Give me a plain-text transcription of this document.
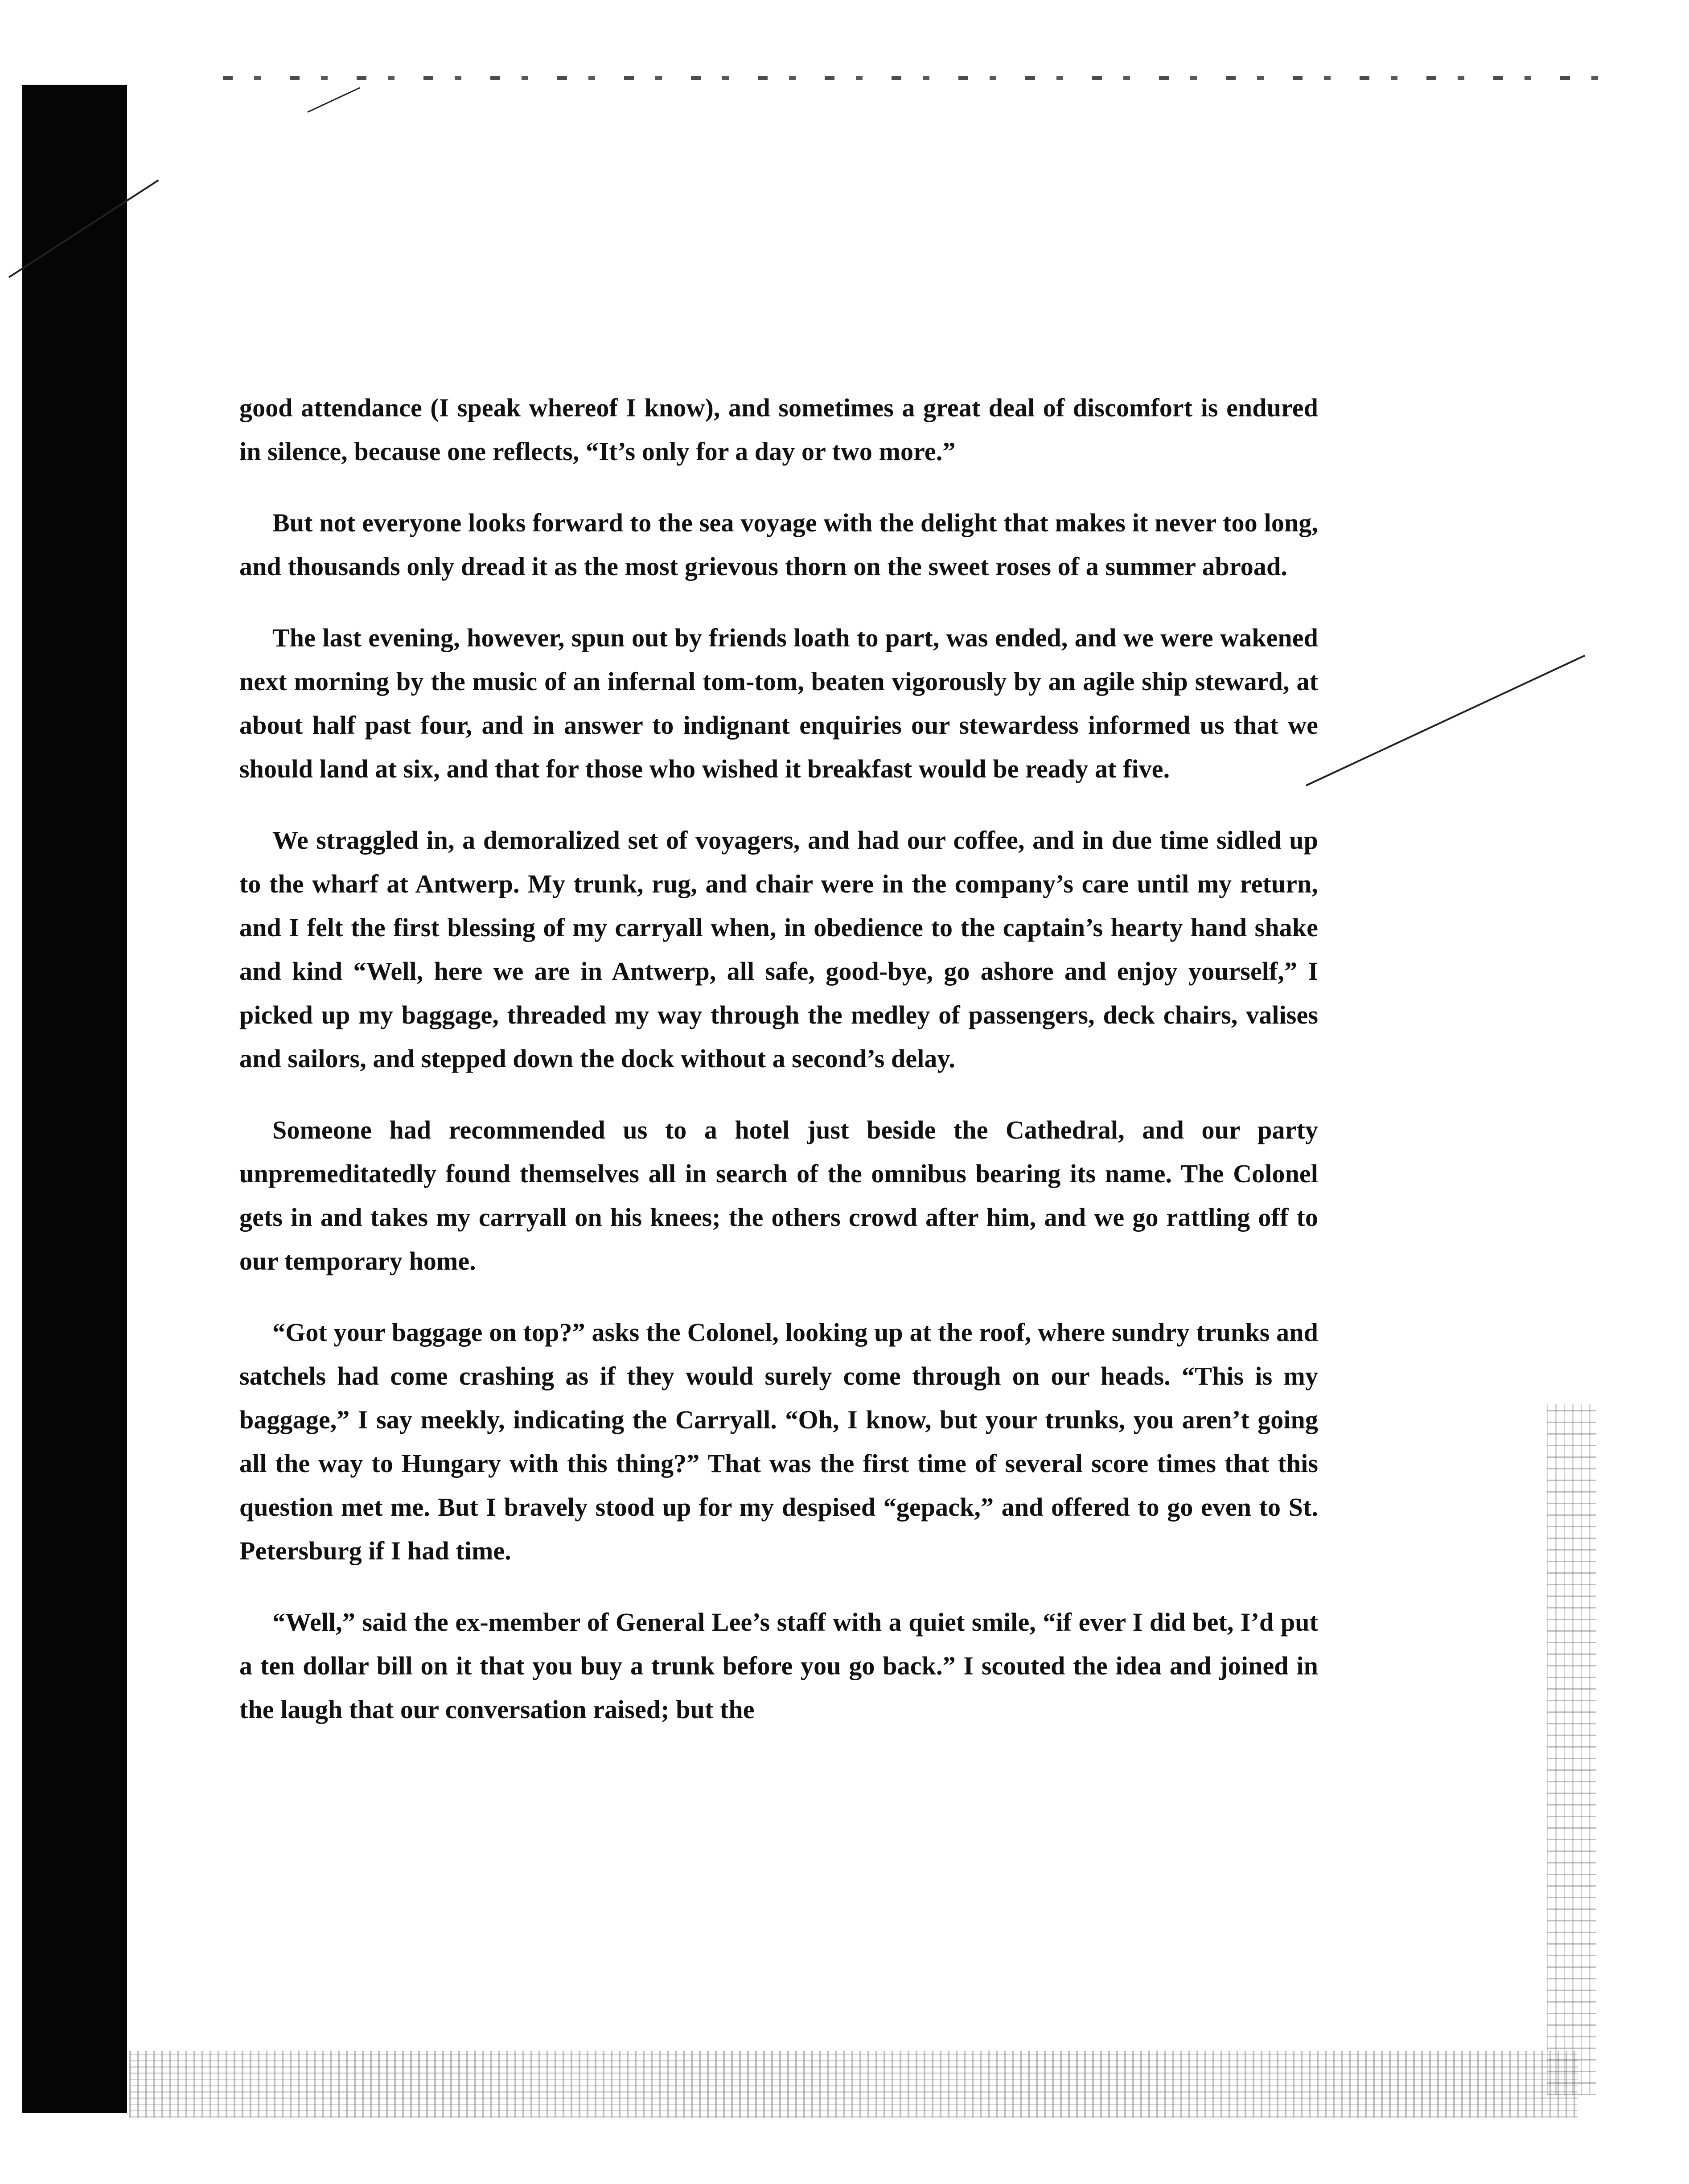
good attendance (I speak whereof I know), and sometimes a great deal of discomfort is endured in silence, because one reflects, “It’s only for a day or two more.”

But not everyone looks forward to the sea voyage with the delight that makes it never too long, and thousands only dread it as the most grievous thorn on the sweet roses of a summer abroad.

The last evening, however, spun out by friends loath to part, was ended, and we were wakened next morning by the music of an infernal tom-tom, beaten vigorously by an agile ship steward, at about half past four, and in answer to indignant enquiries our stewardess informed us that we should land at six, and that for those who wished it breakfast would be ready at five.

We straggled in, a demoralized set of voyagers, and had our coffee, and in due time sidled up to the wharf at Antwerp. My trunk, rug, and chair were in the company’s care until my return, and I felt the first blessing of my carryall when, in obedience to the captain’s hearty hand shake and kind “Well, here we are in Antwerp, all safe, good-bye, go ashore and enjoy yourself,” I picked up my baggage, threaded my way through the medley of passengers, deck chairs, valises and sailors, and stepped down the dock without a second’s delay.

Someone had recommended us to a hotel just beside the Cathedral, and our party unpremeditatedly found themselves all in search of the omnibus bearing its name. The Colonel gets in and takes my carryall on his knees; the others crowd after him, and we go rattling off to our temporary home.

“Got your baggage on top?” asks the Colonel, looking up at the roof, where sundry trunks and satchels had come crashing as if they would surely come through on our heads. “This is my baggage,” I say meekly, indicating the Carryall. “Oh, I know, but your trunks, you aren’t going all the way to Hungary with this thing?” That was the first time of several score times that this question met me. But I bravely stood up for my despised “gepack,” and offered to go even to St. Petersburg if I had time.

“Well,” said the ex-member of General Lee’s staff with a quiet smile, “if ever I did bet, I’d put a ten dollar bill on it that you buy a trunk before you go back.” I scouted the idea and joined in the laugh that our conversation raised; but the
